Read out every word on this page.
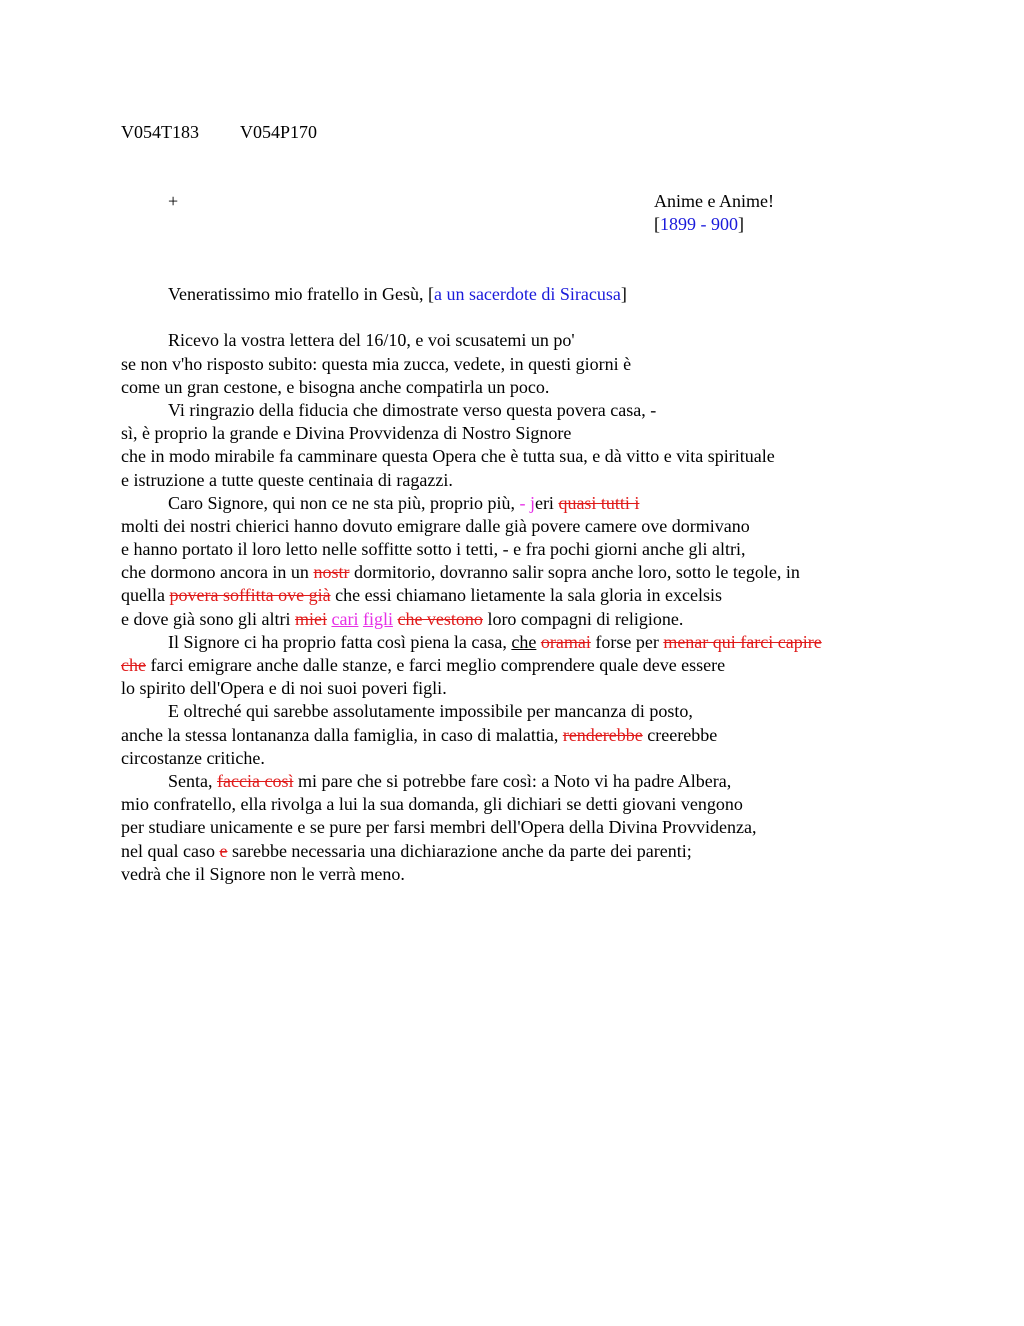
V054T183 V054P170
+	Anime e Anime!
[1899 - 900]
Veneratissimo mio fratello in Gesù, [a un sacerdote di Siracusa]
Ricevo la vostra lettera del 16/10, e voi scusatemi un po'
se non v'ho risposto subito: questa mia zucca, vedete, in questi giorni è
come un gran cestone, e bisogna anche compatirla un poco.
Vi ringrazio della fiducia che dimostrate verso questa povera casa, -
sì, è proprio la grande e Divina Provvidenza di Nostro Signore
che in modo mirabile fa camminare questa Opera che è tutta sua, e dà vitto e vita spirituale
e istruzione a tutte queste centinaia di ragazzi.
Caro Signore, qui non ce ne sta più, proprio più, - jeri quasi tutti i
molti dei nostri chierici hanno dovuto emigrare dalle già povere camere ove dormivano
e hanno portato il loro letto nelle soffitte sotto i tetti, - e fra pochi giorni anche gli altri,
che dormono ancora in un nostr dormitorio, dovranno salir sopra anche loro, sotto le tegole, in
quella povera soffitta ove già che essi chiamano lietamente la sala gloria in excelsis
e dove già sono gli altri miei cari figli che vestono loro compagni di religione.
Il Signore ci ha proprio fatta così piena la casa, che oramai forse per menar qui farci capire
che farci emigrare anche dalle stanze, e farci meglio comprendere quale deve essere
lo spirito dell'Opera e di noi suoi poveri figli.
E oltreché qui sarebbe assolutamente impossibile per mancanza di posto,
anche la stessa lontananza dalla famiglia, in caso di malattia, renderebbe creerebbe
circostanze critiche.
Senta, faccia così mi pare che si potrebbe fare così: a Noto vi ha padre Albera,
mio confratello, ella rivolga a lui la sua domanda, gli dichiari se detti giovani vengono
per studiare unicamente e se pure per farsi membri dell'Opera della Divina Provvidenza,
nel qual caso e sarebbe necessaria una dichiarazione anche da parte dei parenti;
vedrà che il Signore non le verrà meno.
